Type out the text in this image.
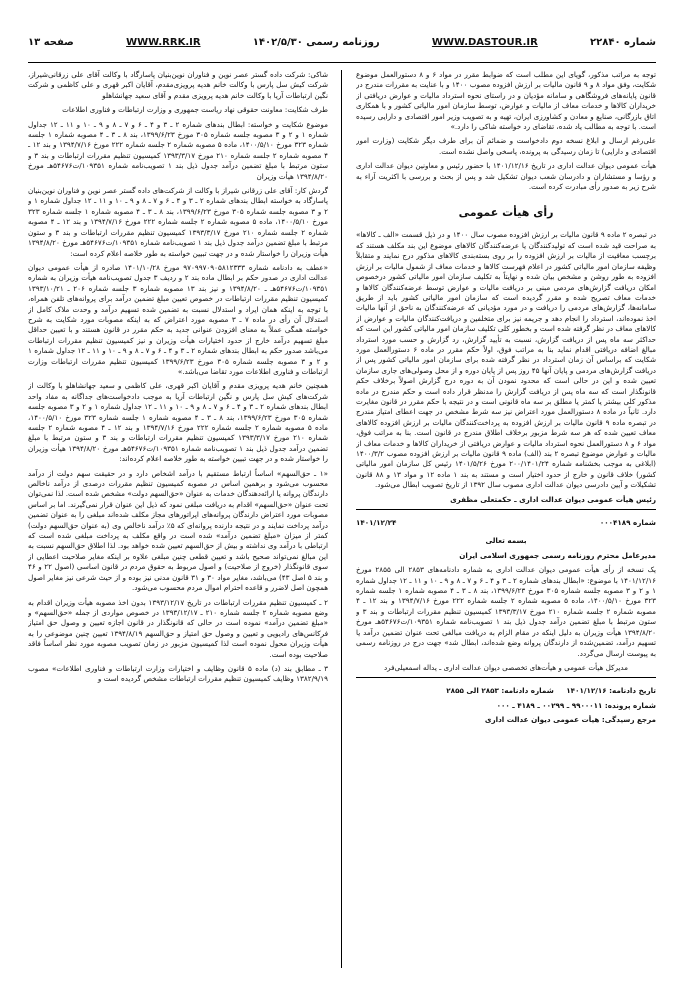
شماره ۲۲۸۴۰
WWW.DASTOUR.IR
روزنامه رسمی ۱۴۰۲/۵/۳۰
WWW.RRK.IR
صفحه ۱۳

توجه به مراتب مذکور، گویای این مطلب است که ضوابط مقرر در مواد ۶ و ۸ دستورالعمل موضوع شکایت، وفق مواد ۸ و ۹ قانون مالیات بر ارزش افزوده مصوب ۱۴۰۰ و با عنایت به مقررات مندرج در قانون پایانه‌های فروشگاهی و سامانه مؤدیان و در راستای نحوه استرداد مالیات و عوارض دریافتی از خریداران کالاها و خدمات معاف از مالیات و عوارض، توسط سازمان امور مالیاتی کشور و با همکاری اتاق بازرگانی، صنایع و معادن و کشاورزی ایران، تهیه و به تصویب وزیر امور اقتصادی و دارایی رسیده است. با توجه به مطالب یاد شده، تقاضای رد خواسته شاکی را دارد.»

علی‌رغم ارسال و ابلاغ نسخه دوم دادخواست و ضمائم آن برای طرف دیگر شکایت (وزارت امور اقتصادی و دارایی) تا زمان رسیدگی به پرونده، پاسخی واصل نشده است.

هیأت عمومی دیوان عدالت اداری در تاریخ ۱۴۰۱/۱۲/۱۶ با حضور رئیس و معاونین دیوان عدالت اداری و رؤسا و مستشاران و دادرسان شعب دیوان تشکیل شد و پس از بحث و بررسی با اکثریت آراء به شرح زیر به صدور رأی مبادرت کرده است.

رأی هیأت عمومی

در تبصره ۲ ماده ۹ قانون مالیات بر ارزش افزوده مصوب سال ۱۴۰۰ و در ذیل قسمت «الف ـ کالاها» به صراحت قید شده است که تولیدکنندگان یا عرضه‌کنندگان کالاهای موضوع این بند مکلف هستند که برچسب معافیت از مالیات بر ارزش افزوده را بر روی بسته‌بندی کالاهای مذکور درج نمایند و متقابلاً وظیفه سازمان امور مالیاتی کشور در اعلام فهرست کالاها و خدمات معاف از شمول مالیات بر ارزش افزوده به طور روشن و مشخص بیان شده و نهایتاً به تکلیف سازمان امور مالیاتی کشور درخصوص امکان دریافت گزارش‌های مردمی مبنی بر دریافت مالیات و عوارض توسط عرضه‌کنندگان کالاها و خدمات معاف تصریح شده و مقرر گردیده است که سازمان امور مالیاتی کشور باید از طریق سامانه‌ها، گزارش‌های مردمی را دریافت و در مورد مؤدیانی که عرضه‌کنندگان به ناحق از آنها مالیات اخذ نموده‌اند، استرداد را انجام دهد و جریمه نیز برای متخلفین و دریافت‌کنندگان مالیات و عوارض از کالاهای معاف در نظر گرفته شده است و بخطور کلی تکلیف سازمان امور مالیاتی کشور این است که حداکثر سه ماه پس از دریافت گزارش، نسبت به تأیید گزارش، رد گزارش و حسب مورد استرداد مبالغ اضافه دریافتی اقدام نماید بنا به مراتب فوق، اولاً حکم مقرر در ماده ۶ دستورالعمل مورد شکایت که براساس آن زمان استرداد در نظر گرفته شده برای سازمان امور مالیاتی کشور پس از دریافت گزارش‌های مردمی و پایان آنها ۴۵ روز پس از پایان دوره و از محل وصولی‌های جاری سازمان تعیین شده و این در حالی است که محدود نمودن آن به دوره درج گزارش اصولاً برخلاف حکم قانونگذار است که سه ماه پس از دریافت گزارش را مدنظر قرار داده است و حکم مندرج در ماده مذکور کلی بیشتر یا کمتر یا مطلق بر سه ماه قانونی است و در نتیجه با حکم مقرر در قانون مغایرت دارد. ثانیاً در ماده ۸ دستورالعمل مورد اعتراض نیز سه شرط مشخص در جهت اعطای امتیاز مندرج در تبصره ماده ۹ قانون مالیات بر ارزش افزوده به پرداخت‌کنندگان مالیات بر ارزش افزوده کالاهای معاف تعیین شده که هر سه شرط مزبور برخلاف اطلاق مندرج در قانون است. بنا به مراتب فوق، مواد ۶ و ۸ دستورالعمل نحوه استرداد مالیات و عوارض دریافتی از خریداران کالاها و خدمات معاف از مالیات و عوارض موضوع تبصره ۲ بند (الف) ماده ۹ قانون مالیات بر ارزش افزوده مصوب ۱۴۰۰/۳/۲ (ابلاغی به موجب بخشنامه شماره ۲۰۰/۱۴۰۱/۲۴ مورخ ۱۴۰۱/۵/۲۶ رئیس کل سازمان امور مالیاتی کشور) خلاف قانون و خارج از حدود اختیار است و مستند به بند ۱ ماده ۱۲ و مواد ۱۳ و ۸۸ قانون تشکیلات و آیین دادرسی دیوان عدالت اداری مصوب سال ۱۳۹۲ از تاریخ تصویب ابطال می‌شود.

رئیس هیأت عمومی دیوان عدالت اداری ـ حکمتعلی مظفری

شماره ۰۰۰۴۱۸۹
۱۴۰۱/۱۲/۲۴

بسمه تعالی

مدیرعامل محترم روزنامه رسمی جمهوری اسلامی ایران

یک نسخه از رأی هیأت عمومی دیوان عدالت اداری به شماره دادنامه‌های ۲۸۵۳ الی ۲۸۵۵ مورخ ۱۴۰۱/۱۲/۱۶ با موضوع: «ابطال بندهای شماره ۲ ـ ۳ و ۴ ـ ۶ و ۷ ـ ۸ و ۹ ـ ۱۰ و ۱۱ ـ ۱۲ جداول شماره ۱ و ۲ و ۳ مصوبه جلسه شماره ۳۰۵ مورخ ۱۳۹۹/۶/۲۳، بند ۸ ـ ۳ ـ ۴ مصوبه شماره ۱ جلسه شماره ۳۲۳ مورخ ۱۴۰۰/۵/۱۰، ماده ۵ مصوبه شماره ۲ جلسه شماره ۲۲۲ مورخ ۱۳۹۴/۷/۱۶ و بند ۱۲ ـ ۴ مصوبه شماره ۲ جلسه شماره ۲۱۰ مورخ ۱۳۹۳/۳/۱۷ کمیسیون تنظیم مقررات ارتباطات و بند ۳ و ستون مرتبط با مبلغ تضمین درآمد جدول ذیل بند ۱ تصویب‌نامه شماره ۱۰۹۳۵۱/ت۵۴۶۷۶هـ مورخ ۱۳۹۴/۸/۲۰ هیأت وزیران به دلیل اینکه در مقام الزام به دریافت مبالغی تحت عنوان تضمین درآمد یا تسهیم درآمد، تضمین‌شده از دارندگان پروانه وضع شده‌اند، ابطال شد» جهت درج در روزنامه رسمی به پیوست ارسال می‌گردد.

مدیرکل هیأت عمومی و هیأت‌های تخصصی دیوان عدالت اداری ـ یداله اسمعیلی‌فرد

تاریخ دادنامه: ۱۴۰۱/۱۲/۱۶     شماره دادنامه: ۲۸۵۳ الی ۲۸۵۵

شماره پرونده: ۹۹۰۰۰۱۱ ـ ۰۰۲۹۹ ـ ۴۱۸۹ ـ ۰۰۰

مرجع رسیدگی: هیأت عمومی دیوان عدالت اداری

شاکی: شرکت داده گستر عصر نوین و فناوران نوین‌بنیان پاسارگاد با وکالت آقای علی زرقانی‌شیراز، شرکت کیش سل پارس با وکالت خانم هدیه پرویزی‌مقدم، آقایان اکبر قهری و علی کاظمی و شرکت نگین ارتباطات آریا با وکالت خانم هدیه پرویزی مقدم و آقای سعید جهانشاهلو

طرف شکایت: معاونت حقوقی نهاد ریاست جمهوری و وزارت ارتباطات و فناوری اطلاعات

موضوع شکایت و خواسته: ابطال بندهای شماره ۲ ـ ۳ و ۴ ـ ۶ و ۷ ـ ۸ و ۹ ـ ۱۰ و ۱۱ ـ ۱۲ جداول شماره ۱ و ۲ و ۳ مصوبه جلسه شماره ۳۰۵ مورخ ۱۳۹۹/۶/۲۳، بند ۸ ـ ۳ ـ ۴ مصوبه شماره ۱ جلسه شماره ۳۲۳ مورخ ۱۴۰۰/۵/۱۰، ماده ۵ مصوبه شماره ۲ جلسه شماره ۲۲۲ مورخ ۱۳۹۴/۷/۱۶ و بند ۱۲ ـ ۴ مصوبه شماره ۲ جلسه شماره ۲۱۰ مورخ ۱۳۹۳/۳/۱۷ کمیسیون تنظیم مقررات ارتباطات و بند ۳ و ستون مرتبط با مبلغ تضمین درآمد جدول ذیل بند ۱ تصویب‌نامه شماره ۱۰۹۳۵۱/ت۵۴۶۷۶هـ مورخ ۱۳۹۴/۸/۲۰ هیأت وزیران

گردش کار: آقای علی زرقانی شیراز با وکالت از شرکت‌های داده گستر عصر نوین و فناوران نوین‌بنیان پاسارگاد به خواسته ابطال بندهای شماره ۲ ـ ۳ و ۴ ـ ۶ و ۷ ـ ۸ و ۹ ـ ۱۰ و ۱۱ ـ ۱۲ جداول شماره ۱ و ۲ و ۳ مصوبه جلسه شماره ۳۰۵ مورخ ۱۳۹۹/۶/۲۳، بند ۸ ـ ۳ ـ ۴ مصوبه شماره ۱ جلسه شماره ۳۲۳ مورخ ۱۴۰۰/۵/۱۰، ماده ۵ مصوبه شماره ۲ جلسه شماره ۲۲۲ مورخ ۱۳۹۴/۷/۱۶ و بند ۱۲ ـ ۴ مصوبه شماره ۲ جلسه شماره ۲۱۰ مورخ ۱۳۹۳/۳/۱۷ کمیسیون تنظیم مقررات ارتباطات و بند ۳ و ستون مرتبط با مبلغ تضمین درآمد جدول ذیل بند ۱ تصویب‌نامه شماره ۱۰۹۳۵۱/ت۵۴۶۷۶هـ مورخ ۱۳۹۴/۸/۲۰ هیأت وزیران را خواستار شده و در جهت تبیین خواسته به طور خلاصه اعلام کرده است:

«عطف به دادنامه شماره ۹۷۰۹۹۷۰۹۰۵۸۱۲۳۳۳ مورخ ۱۴۰۱/۱۰/۲۸ صادره از هیأت عمومی دیوان عدالت اداری در صدور حکم بر ابطال ماده بند ۲ و ردیف ۳ جدول تصویب‌نامه هیأت وزیران به شماره ۱۰۹۳۵۱/ت۵۴۶۷۶هـ ـ ۱۳۹۴/۸/۲۰ و نیز بند ۱۳ مصوبه شماره ۳ جلسه شماره ۲۰۶ ـ ۱۳۹۳/۱۰/۲۱ کمیسیون تنظیم مقررات ارتباطات در خصوص تعیین مبلغ تضمین درآمد برای پروانه‌های تلفن همراه، با توجه به اینکه همان ایراد و استدلال نسبت به تضمین شده تسهیم درآمد و وحدت ملاک کامل از استدلال آن رأی در ماده ۷ ـ ۳ مصوبه مورد اعتراض که به اینکه مصوبات مورد شکایت به شرح خواسته همگی عملاً به معنای افزودن عنوانی جدید به حکم مقرر در قانون هستند و با تعیین حداقل مبلغ تسهیم درآمد خارج از حدود اختیارات هیأت وزیران و نیز کمیسیون تنظیم مقررات ارتباطات می‌باشد صدور حکم به ابطال بندهای شماره ۲ ـ ۳ و ۴ ـ ۶ و ۷ ـ ۸ و ۹ ـ ۱۰ و ۱۱ ـ ۱۲ جداول شماره ۱ و ۲ و ۳ مصوبه جلسه شماره ۳۰۵ مورخ ۱۳۹۹/۶/۲۳ کمیسیون تنظیم مقررات ارتباطات وزارت ارتباطات و فناوری اطلاعات مورد تقاضا می‌باشد.»

همچنین خانم هدیه پرویزی مقدم و آقایان اکبر قهری، علی کاظمی و سعید جهانشاهلو با وکالت از شرکت‌های کیش سل پارس و نگین ارتباطات آریا به موجب دادخواست‌های جداگانه به مفاد واحد ابطال بندهای شماره ۲ ـ ۳ و ۴ ـ ۶ و ۷ ـ ۸ و ۹ ـ ۱۰ و ۱۱ ـ ۱۲ جداول شماره ۱ و ۲ و ۳ مصوبه جلسه شماره ۳۰۵ مورخ ۱۳۹۹/۶/۲۳، بند ۸ ـ ۳ ـ ۴ مصوبه شماره ۱ جلسه شماره ۳۲۳ مورخ ۱۴۰۰/۵/۱۰، ماده ۵ مصوبه شماره ۲ جلسه شماره ۲۲۲ مورخ ۱۳۹۴/۷/۱۶ و بند ۱۲ ـ ۴ مصوبه شماره ۲ جلسه شماره ۲۱۰ مورخ ۱۳۹۳/۳/۱۷ کمیسیون تنظیم مقررات ارتباطات و بند ۳ و ستون مرتبط با مبلغ تضمین درآمد جدول ذیل بند ۱ تصویب‌نامه شماره ۱۰۹۳۵۱/ت۵۴۶۷۶هـ مورخ ۱۳۹۴/۸/۲۰ هیأت وزیران را خواستار شده و در جهت تبیین خواسته به طور خلاصه اعلام کرده‌اند:

«۱ ـ حق‌السهم» اساساً ارتباط مستقیم با درآمد اشخاص دارد و در حقیقت سهم دولت از درآمد محسوب می‌شود و برهمین اساس در مصوبه کمیسیون تنظیم مقررات درصدی از درآمد ناخالص دارندگان پروانه یا ارائه‌دهندگان خدمات به عنوان «حق‌السهم دولت» مشخص شده است. لذا نمی‌توان تحت عنوان «حق‌السهم» اقدام به دریافت مبلغی نمود که ذیل این عنوان قرار نمی‌گیرند. اما بر اساس مصوبات مورد اعتراض دارندگان پروانه‌های اپراتورهای مجاز مکلف شده‌اند مبلغی را به عنوان تضمین درآمد پرداخت نمایند و در نتیجه دارنده پروانه‌ای که ۵٪ درآمد ناخالص وی (به عنوان حق‌السهم دولت) کمتر از میزان «مبلغ تضمین درآمد» شده است در واقع مکلف به پرداخت مبلغی شده است که ارتباطی با درآمد وی نداشته و بیش از حق‌السهم تعیین شده خواهد بود. لذا اطلاق حق‌السهم نسبت به این مبالغ نمی‌تواند صحیح باشد و تعیین قطعی چنین مبلغی علاوه بر اینکه مغایر صلاحیت اعطایی از سوی قانونگذار (خروج از صلاحیت) و اصول مربوط به حقوق مردم در قانون اساسی (اصول ۲۲ و ۴۶ و بند ۵ اصل ۴۳) می‌باشد، مغایر مواد ۳۰ و ۳۱ قانون مدنی نیز بوده و از حیث شرعی نیز مغایر اصول همچون اصل لاضرر و قاعده احترام اموال مردم محسوب می‌شود.

۲ ـ کمیسیون تنظیم مقررات ارتباطات در تاریخ ۱۳۹۳/۱۲/۱۷ بدون اخذ مصوبه هیأت وزیران اقدام به وضع مصوبه شماره ۲ جلسه شماره ۲۱۰ ـ ۱۳۹۳/۱۲/۱۷ در خصوص مواردی از جمله «حق‌السهم» و «مبلغ تضمین درآمد» نموده است در حالی که قانونگذار در قانون اجازه تعیین و وصول حق امتیاز فرکانس‌های رادیویی و تعیین و وصول حق امتیاز و حق‌السهم ۱۳۹۴/۸/۱۹ تعیین چنین موضوعی را به هیأت وزیران محول نموده است لذا کمیسیون مزبور در زمان تصویب مصوبه مورد نظر اساساً فاقد صلاحیت بوده است.

۳ ـ مطابق بند (د) ماده ۵ قانون وظایف و اختیارات وزارت ارتباطات و فناوری اطلاعات» مصوب ۱۳۸۲/۹/۱۹ وظایف کمیسیون تنظیم مقررات ارتباطات مشخص گردیده است و
